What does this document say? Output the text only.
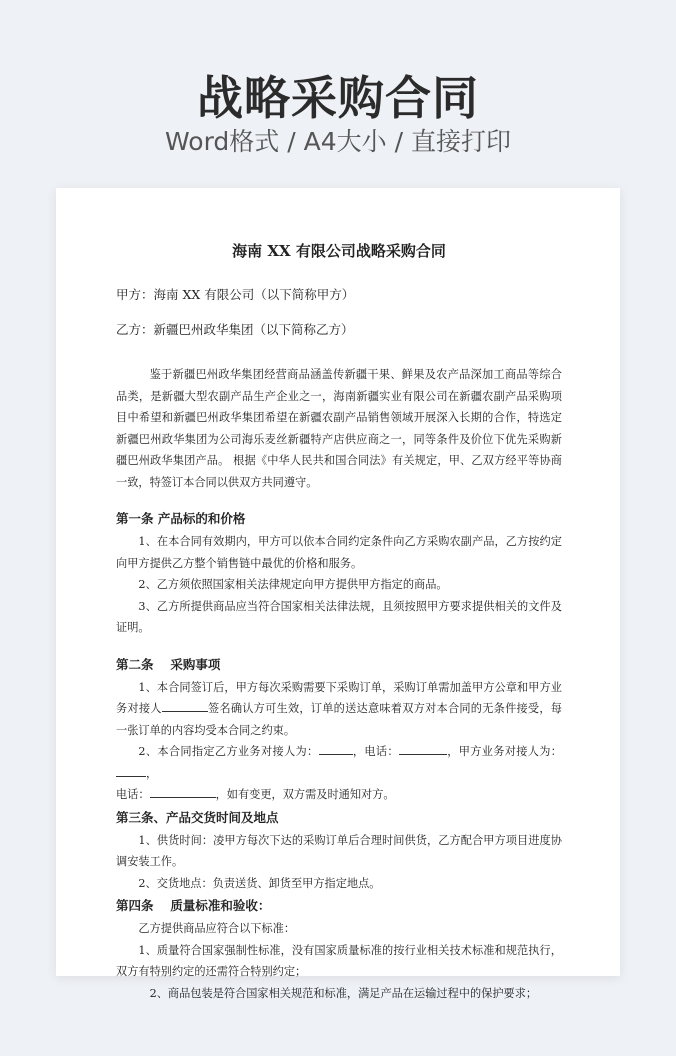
战略采购合同
Word格式 / A4大小 / 直接打印
海南 XX 有限公司战略采购合同
甲方：海南 XX 有限公司（以下简称甲方）
乙方：新疆巴州政华集团（以下简称乙方）

鉴于新疆巴州政华集团经营商品涵盖传新疆干果、鲜果及农产品深加工商品等综合品类，是新疆大型农副产品生产企业之一，海南新疆实业有限公司在新疆农副产品采购项目中希望和新疆巴州政华集团希望在新疆农副产品销售领域开展深入长期的合作，特选定新疆巴州政华集团为公司海乐麦丝新疆特产店供应商之一，同等条件及价位下优先采购新疆巴州政华集团产品。 根据《中华人民共和国合同法》有关规定，甲、乙双方经平等协商一致，特签订本合同以供双方共同遵守。

第一条 产品标的和价格

1、在本合同有效期内，甲方可以依本合同约定条件向乙方采购农副产品，乙方按约定向甲方提供乙方整个销售链中最优的价格和服务。

2、乙方须依照国家相关法律规定向甲方提供甲方指定的商品。

3、乙方所提供商品应当符合国家相关法律法规，且须按照甲方要求提供相关的文件及证明。

第二条　 采购事项

1、本合同签订后，甲方每次采购需要下采购订单，采购订单需加盖甲方公章和甲方业务对接人	签名确认方可生效，订单的送达意味着双方对本合同的无条件接受，每一张订单的内容均受本合同之约束。

2、本合同指定乙方业务对接人为：	，电话：	，甲方业务对接人为：，
电话：	，如有变更，双方需及时通知对方。

第三条、产品交货时间及地点

1、供货时间：凌甲方每次下达的采购订单后合理时间供货，乙方配合甲方项目进度协调安装工作。

2、交货地点：负责送货、卸货至甲方指定地点。

第四条　 质量标准和验收：

乙方提供商品应符合以下标准：

1、质量符合国家强制性标准，没有国家质量标准的按行业相关技术标准和规范执行，双方有特别约定的还需符合特别约定；

2、商品包装是符合国家相关规范和标准，满足产品在运输过程中的保护要求；
